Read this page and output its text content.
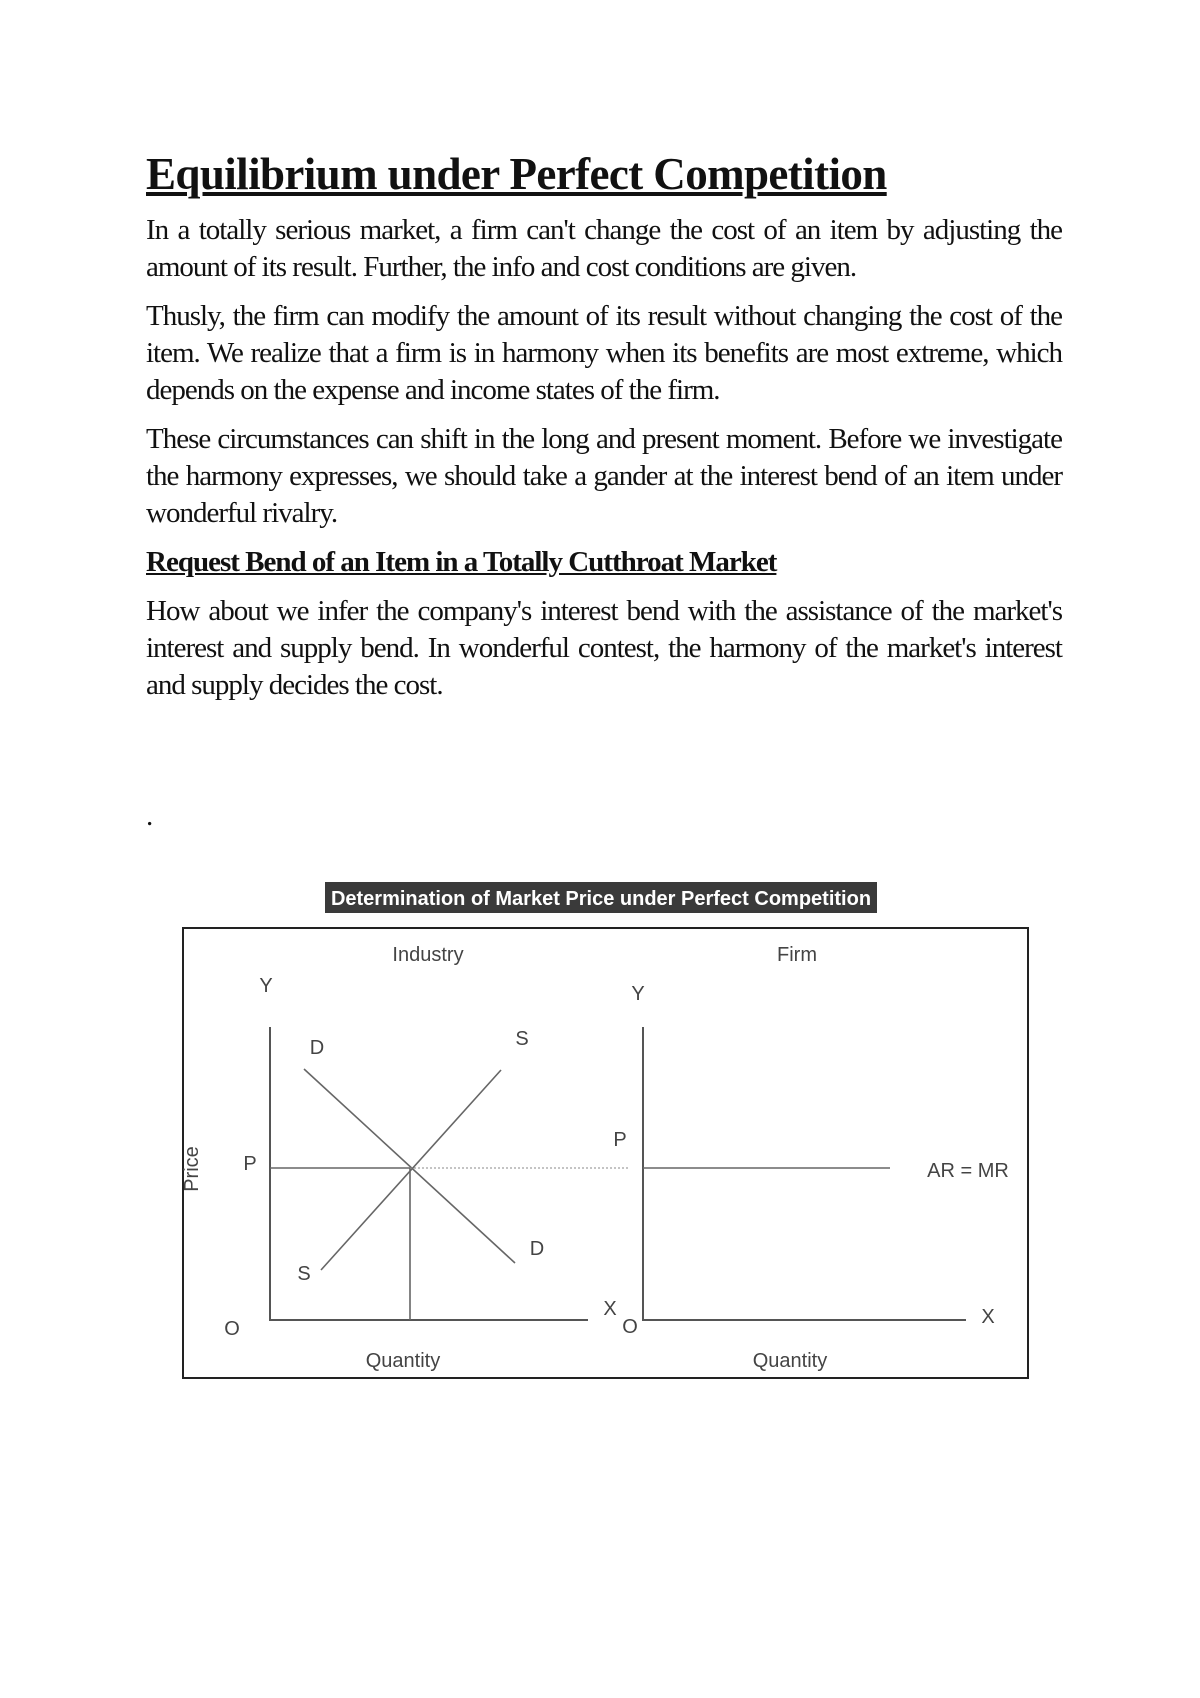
Equilibrium under Perfect Competition

In a totally serious market, a firm can't change the cost of an item by adjusting the amount of its result. Further, the info and cost conditions are given.

Thusly, the firm can modify the amount of its result without changing the cost of the item. We realize that a firm is in harmony when its benefits are most extreme, which depends on the expense and income states of the firm.

These circumstances can shift in the long and present moment. Before we investigate the harmony expresses, we should take a gander at the interest bend of an item under wonderful rivalry.

Request Bend of an Item in a Totally Cutthroat Market

How about we infer the company's interest bend with the assistance of the market's interest and supply bend. In wonderful contest, the harmony of the market's interest and supply decides the cost.

.
Determination of Market Price under Perfect Competition
Industry
Y
Price P
O
Quantity
X
D
D
S
S
Firm
Y
P
O
Quantity
X
AR = MR
